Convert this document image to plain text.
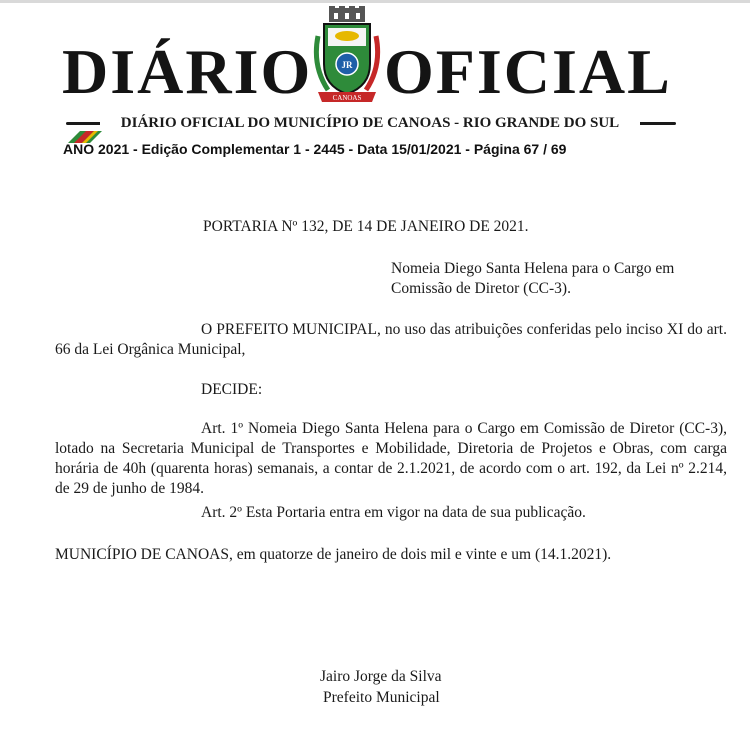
DIÁRIO	JR
CANOAS OFICIAL
DIÁRIO OFICIAL DO MUNICÍPIO DE CANOAS - RIO GRANDE DO SUL
ANO 2021 - Edição Complementar 1 - 2445 - Data 15/01/2021 - Página 67 / 69
PORTARIA Nº 132, DE 14 DE JANEIRO DE 2021.
Nomeia Diego Santa Helena para o Cargo em
Comissão de Diretor (CC-3).
O PREFEITO MUNICIPAL, no uso das atribuições conferidas pelo inciso XI do art. 66 da Lei Orgânica Municipal,
DECIDE:
Art. 1º Nomeia Diego Santa Helena para o Cargo em Comissão de Diretor (CC-3), lotado na Secretaria Municipal de Transportes e Mobilidade, Diretoria de Projetos e Obras, com carga horária de 40h (quarenta horas) semanais, a contar de 2.1.2021, de acordo com o art. 192, da Lei nº 2.214, de 29 de junho de 1984.
Art. 2º Esta Portaria entra em vigor na data de sua publicação.
MUNICÍPIO DE CANOAS, em quatorze de janeiro de dois mil e vinte e um (14.1.2021).
Jairo Jorge da Silva
Prefeito Municipal
